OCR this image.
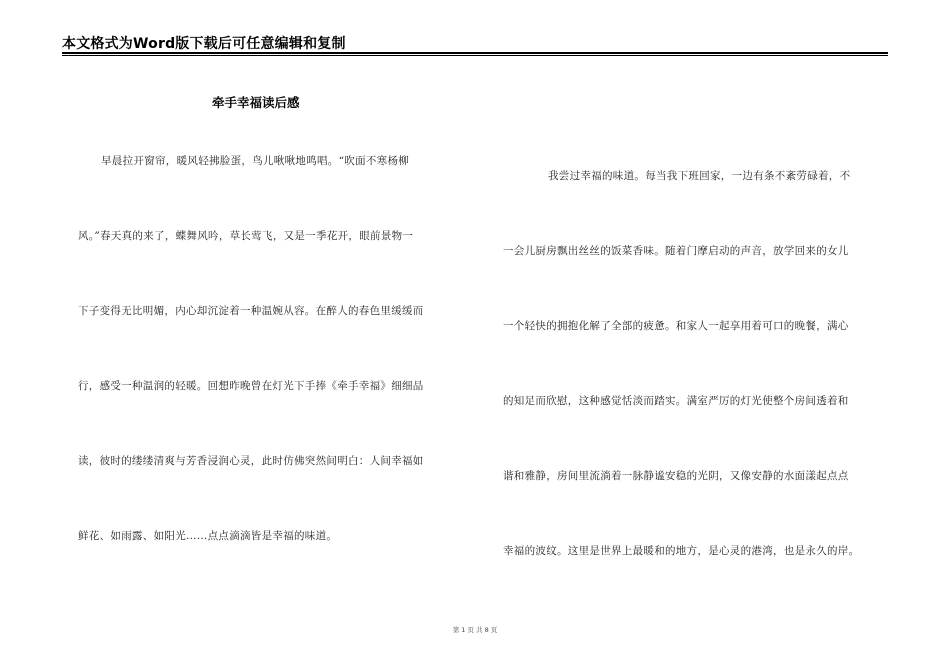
本文格式为Word版下载后可任意编辑和复制
牵手幸福读后感
早晨拉开窗帘，暖风轻拂脸蛋，鸟儿啾啾地鸣唱。“吹面不寒杨柳
风。”春天真的来了，蝶舞风吟，草长莺飞，又是一季花开，眼前景物一
下子变得无比明媚，内心却沉淀着一种温婉从容。在醉人的春色里缓缓而
行，感受一种温润的轻暖。回想昨晚曾在灯光下手捧《牵手幸福》细细品
读，彼时的缕缕清爽与芳香浸润心灵，此时仿佛突然间明白：人间幸福如
鲜花、如雨露、如阳光……点点滴滴皆是幸福的味道。
我尝过幸福的味道。每当我下班回家，一边有条不紊劳碌着，不
一会儿厨房飘出丝丝的饭菜香味。随着门摩启动的声音，放学回来的女儿
一个轻快的拥抱化解了全部的疲惫。和家人一起享用着可口的晚餐，满心
的知足而欣慰，这种感觉恬淡而踏实。满室严厉的灯光使整个房间透着和
谐和雅静，房间里流淌着一脉静谧安稳的光阴，又像安静的水面漾起点点
幸福的波纹。这里是世界上最暖和的地方，是心灵的港湾，也是永久的岸。
第 1 页 共 8 页
